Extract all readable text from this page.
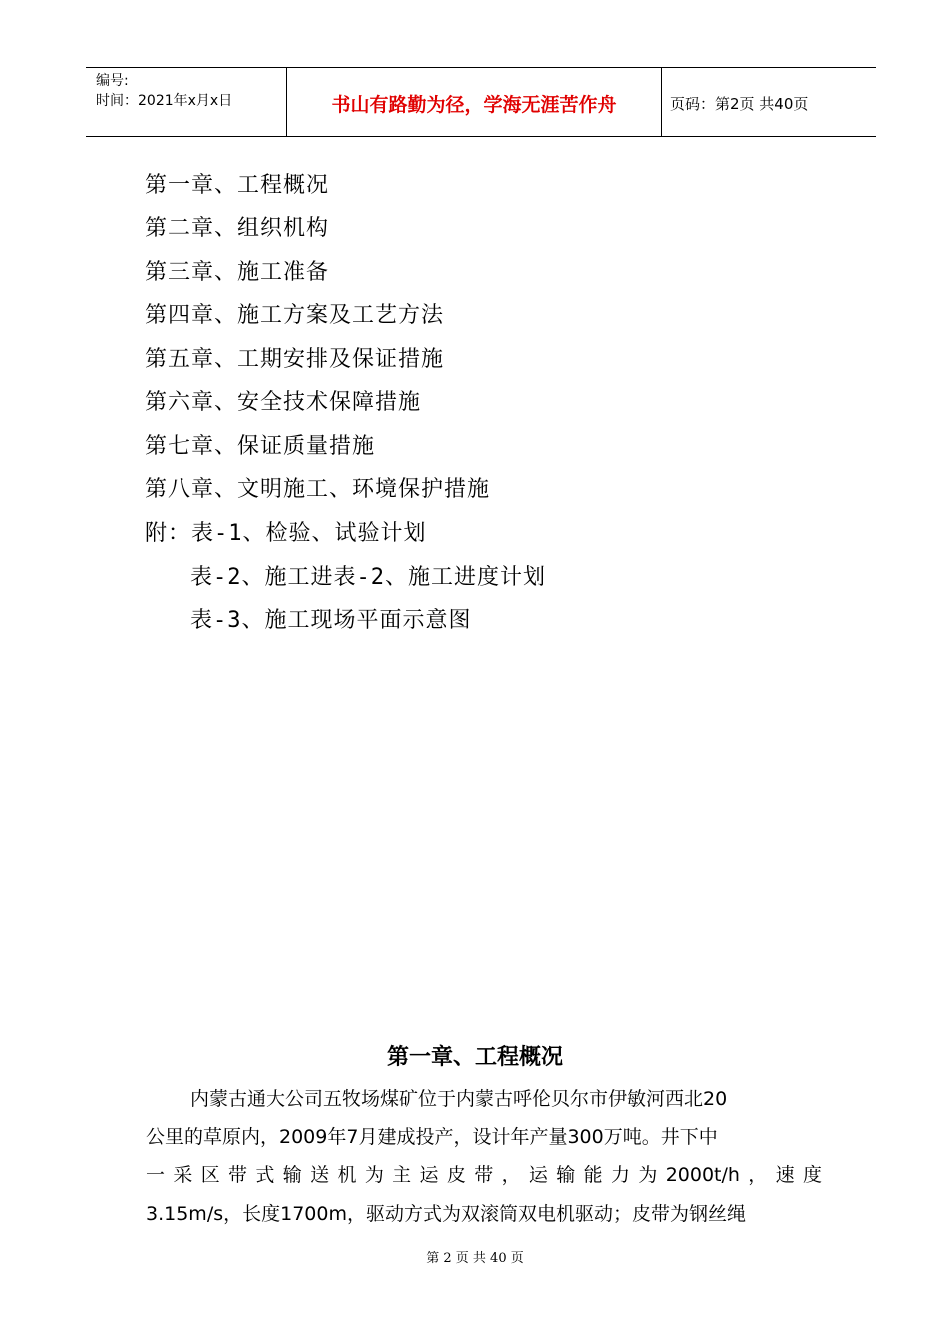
编号:
时间：2021年x月x日	书山有路勤为径，学海无涯苦作舟	页码：第2页 共40页
第一章、工程概况
第二章、组织机构
第三章、施工准备
第四章、施工方案及工艺方法
第五章、工期安排及保证措施
第六章、安全技术保障措施
第七章、保证质量措施
第八章、文明施工、环境保护措施
附：表-1、检验、试验计划
表-2、施工进表-2、施工进度计划
表-3、施工现场平面示意图
第一章、工程概况
内蒙古通大公司五牧场煤矿位于内蒙古呼伦贝尔市伊敏河西北20
公里的草原内，2009年7月建成投产，设计年产量300万吨。井下中
一采区带式输送机为主运皮带，运输能力为2000t/h，速度
3.15m/s，长度1700m，驱动方式为双滚筒双电机驱动；皮带为钢丝绳
第 2 页 共 40 页
